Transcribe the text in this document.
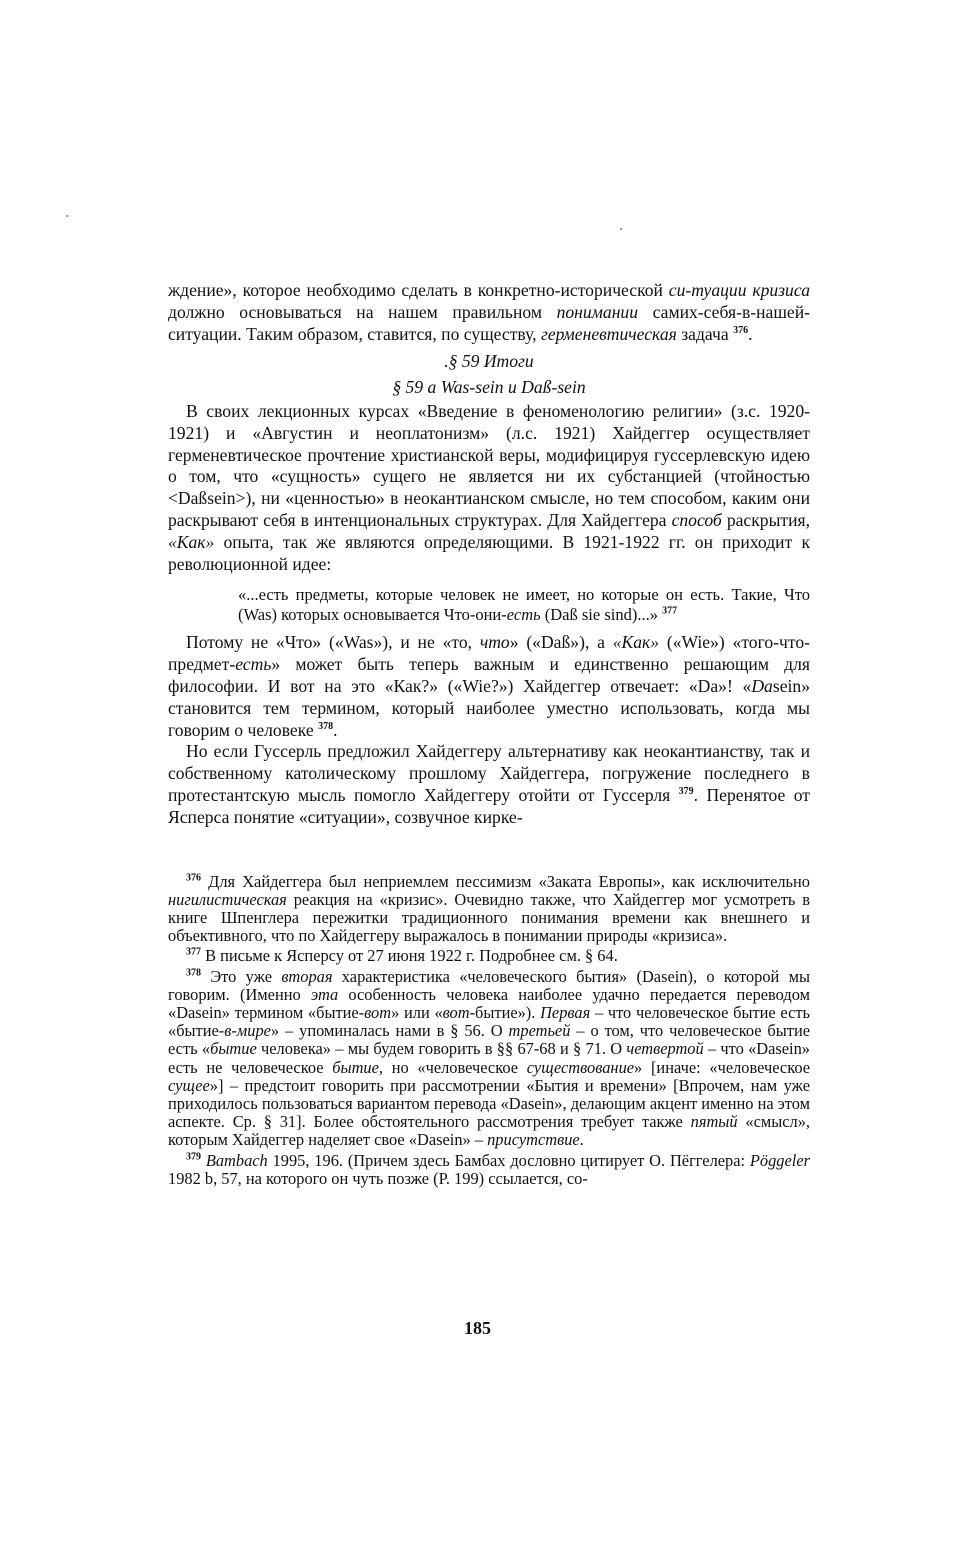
ждение», которое необходимо сделать в конкретно-исторической си-туации кризиса должно основываться на нашем правильном понимании самих-себя-в-нашей-ситуации. Таким образом, ставится, по существу, герменевтическая задача $^{376}$.

.§ 59 Итоги
§ 59 а Was-sein и Daß-sein

В своих лекционных курсах «Введение в феноменологию религии» (з.с. 1920-1921) и «Августин и неоплатонизм» (л.с. 1921) Хайдеггер осуществляет герменевтическое прочтение христианской веры, модифицируя гуссерлевскую идею о том, что «сущность» сущего не является ни их субстанцией (чтойностью <Daßsein>), ни «ценностью» в неокантианском смысле, но тем способом, каким они раскрывают себя в интенциональных структурах. Для Хайдеггера способ раскрытия, «Как» опыта, так же являются определяющими. В 1921-1922 гг. он приходит к революционной идее:

«...есть предметы, которые человек не имеет, но которые он есть. Такие, Что (Was) которых основывается Что-они-есть (Daß sie sind)...» $^{377}$

Потому не «Что» («Was»), и не «то, что» («Daß»), а «Как» («Wie») «того-что-предмет-есть» может быть теперь важным и единственно решающим для философии. И вот на это «Как?» («Wie?») Хайдеггер отвечает: «Da»! «Dasein» становится тем термином, который наиболее уместно использовать, когда мы говорим о человеке $^{378}$.

Но если Гуссерль предложил Хайдеггеру альтернативу как неокантианству, так и собственному католическому прошлому Хайдеггера, погружение последнего в протестантскую мысль помогло Хайдеггеру отойти от Гуссерля $^{379}$. Перенятое от Ясперса понятие «ситуации», созвучное кирке-

$^{376}$ Для Хайдеггера был неприемлем пессимизм «Заката Европы», как исключительно нигилистическая реакция на «кризис». Очевидно также, что Хайдеггер мог усмотреть в книге Шпенглера пережитки традиционного понимания времени как внешнего и объективного, что по Хайдеггеру выражалось в понимании природы «кризиса».

$^{377}$ В письме к Ясперсу от 27 июня 1922 г. Подробнее см. § 64.

$^{378}$ Это уже вторая характеристика «человеческого бытия» (Dasein), о которой мы говорим. (Именно эта особенность человека наиболее удачно передается переводом «Dasein» термином «бытие-вот» или «вот-бытие»). Первая – что человеческое бытие есть «бытие-в-мире» – упоминалась нами в § 56. О третьей – о том, что человеческое бытие есть «бытие человека» – мы будем говорить в §§ 67-68 и § 71. О четвертой – что «Dasein» есть не человеческое бытие, но «человеческое существование» [иначе: «человеческое сущее»] – предстоит говорить при рассмотрении «Бытия и времени» [Впрочем, нам уже приходилось пользоваться вариантом перевода «Dasein», делающим акцент именно на этом аспекте. Ср. § 31]. Более обстоятельного рассмотрения требует также пятый «смысл», которым Хайдеггер наделяет свое «Dasein» – присутствие.

$^{379}$ Bambach 1995, 196. (Причем здесь Бамбах дословно цитирует О. Пёггелера: Pöggeler 1982 b, 57, на которого он чуть позже (P. 199) ссылается, со-

185
